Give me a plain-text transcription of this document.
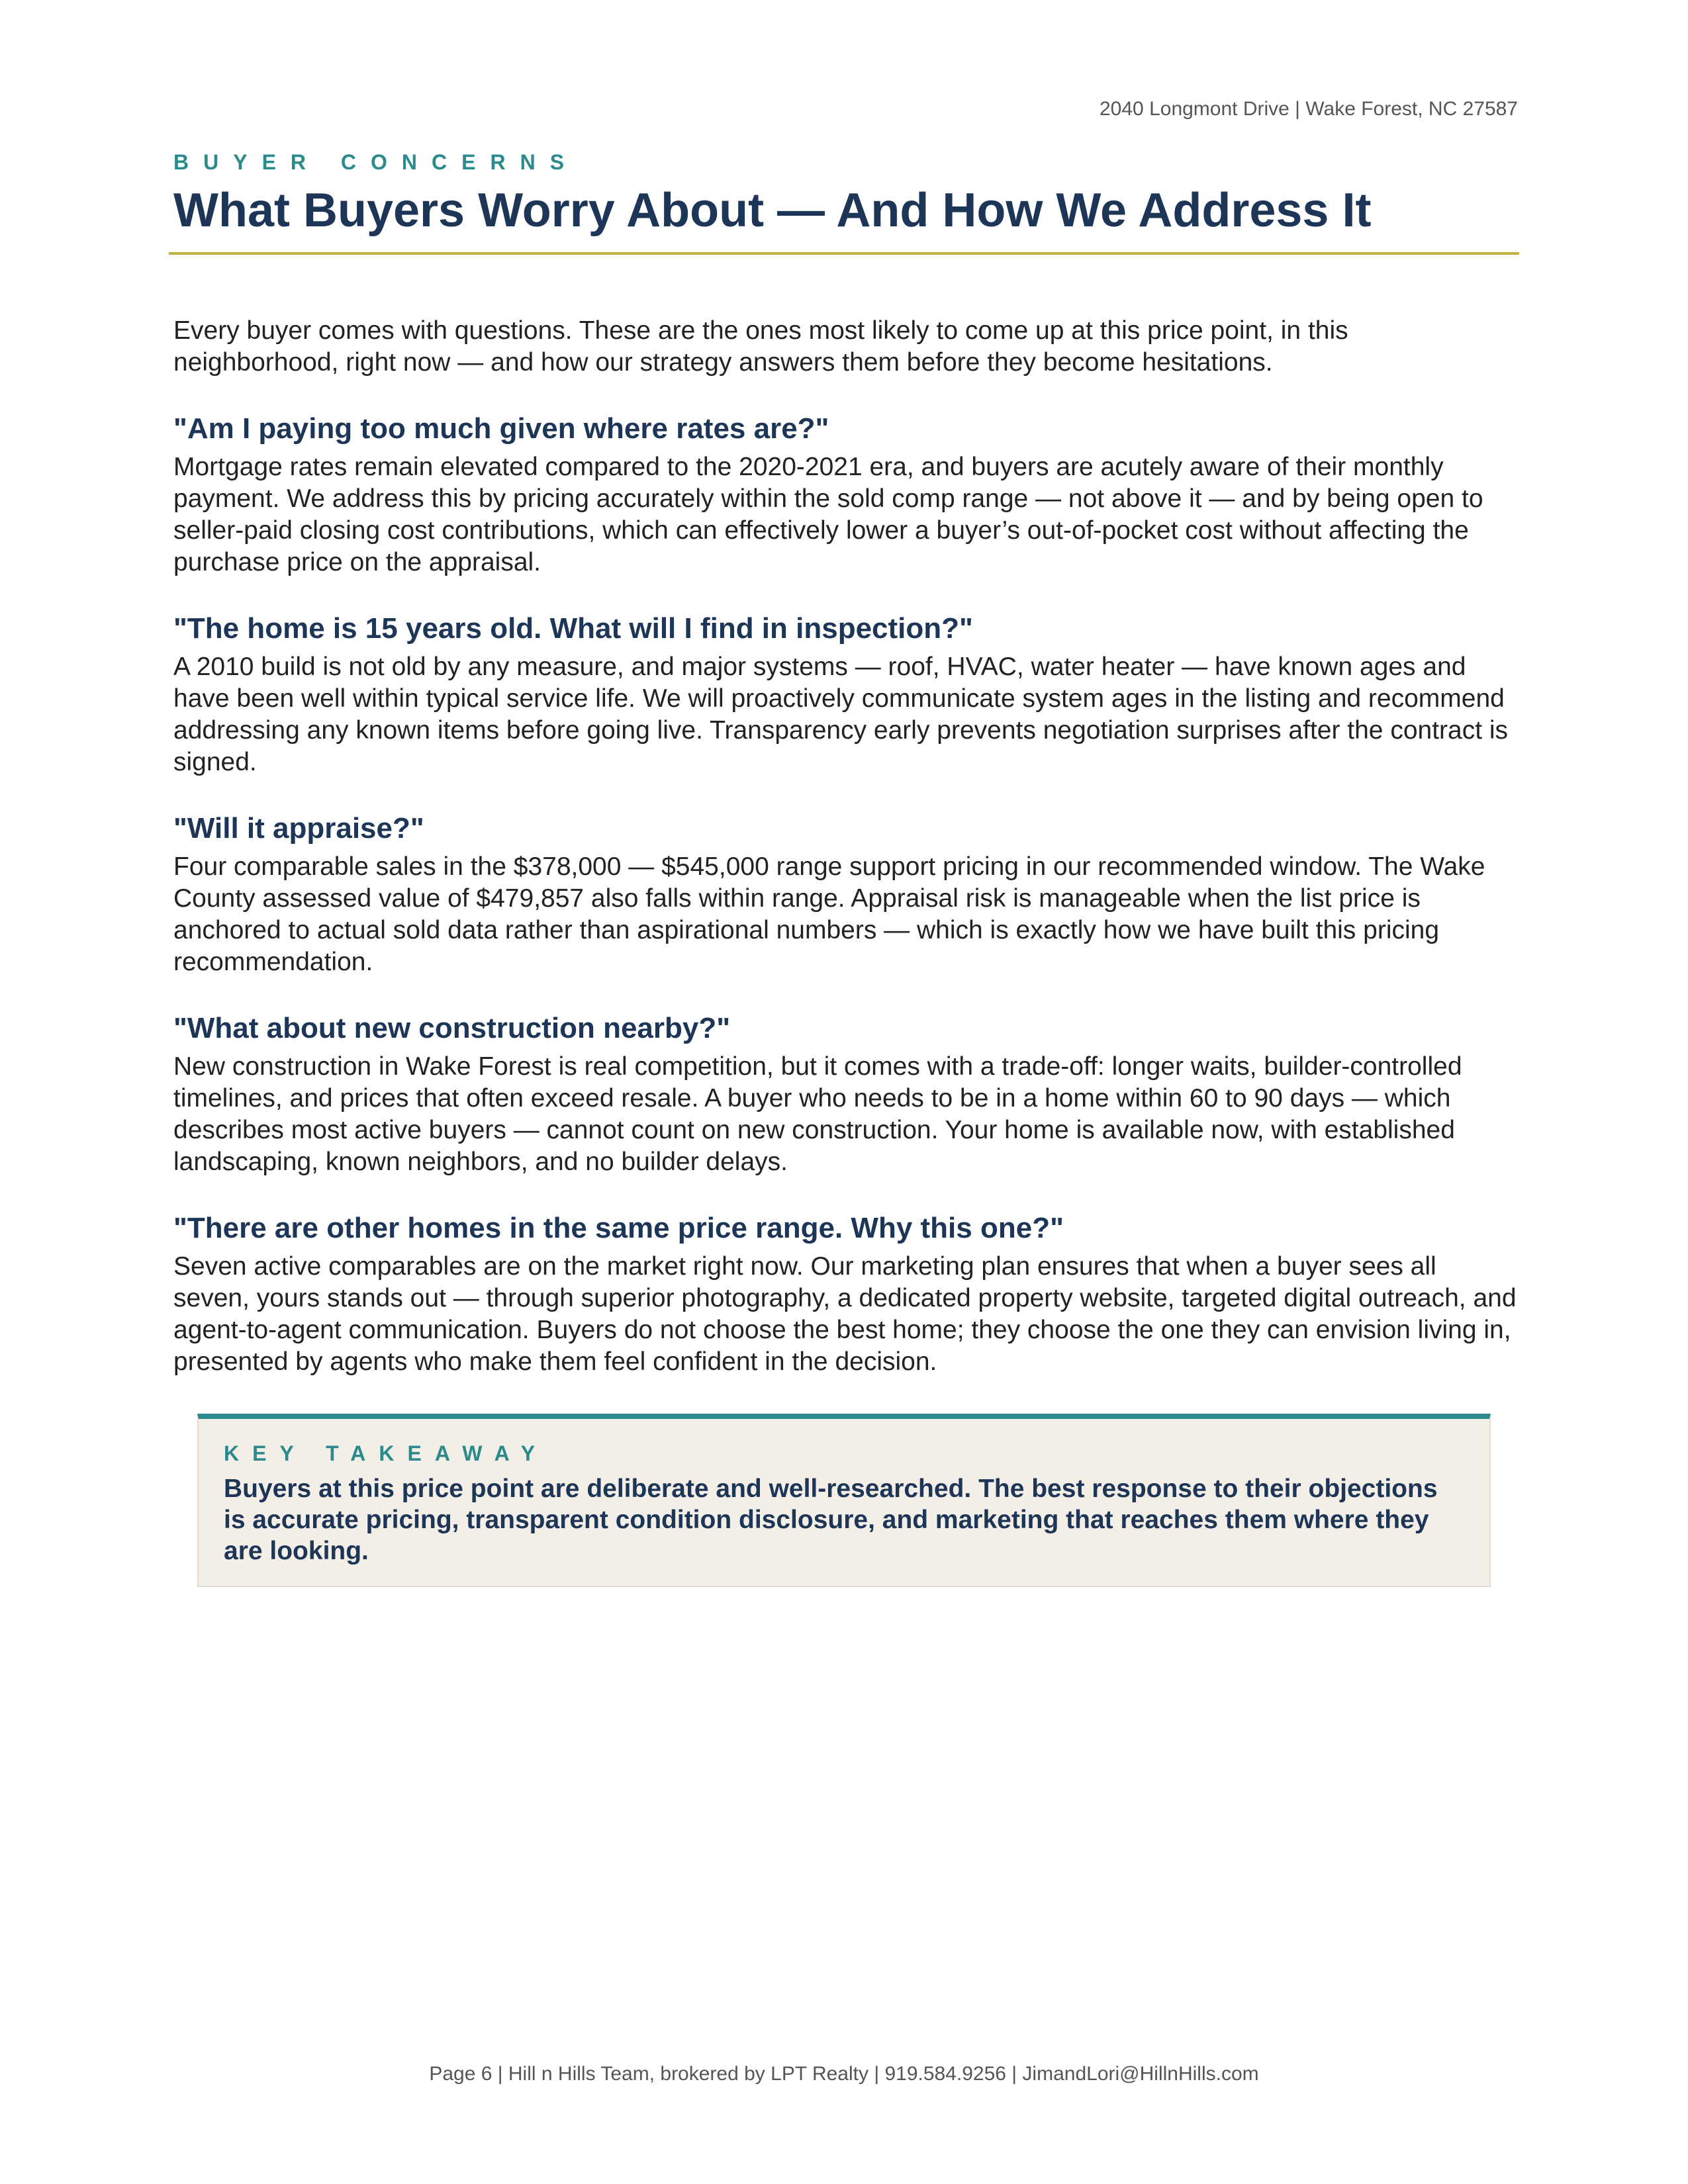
2040 Longmont Drive | Wake Forest, NC 27587
BUYER CONCERNS
What Buyers Worry About — And How We Address It

Every buyer comes with questions. These are the ones most likely to come up at this price point, in this neighborhood, right now — and how our strategy answers them before they become hesitations.

"Am I paying too much given where rates are?"

Mortgage rates remain elevated compared to the 2020-2021 era, and buyers are acutely aware of their monthly payment. We address this by pricing accurately within the sold comp range — not above it — and by being open to seller-paid closing cost contributions, which can effectively lower a buyer’s out-of-pocket cost without affecting the purchase price on the appraisal.

"The home is 15 years old. What will I find in inspection?"

A 2010 build is not old by any measure, and major systems — roof, HVAC, water heater — have known ages and have been well within typical service life. We will proactively communicate system ages in the listing and recommend addressing any known items before going live. Transparency early prevents negotiation surprises after the contract is signed.

"Will it appraise?"

Four comparable sales in the $378,000 — $545,000 range support pricing in our recommended window. The Wake County assessed value of $479,857 also falls within range. Appraisal risk is manageable when the list price is anchored to actual sold data rather than aspirational numbers — which is exactly how we have built this pricing recommendation.

"What about new construction nearby?"

New construction in Wake Forest is real competition, but it comes with a trade-off: longer waits, builder-controlled timelines, and prices that often exceed resale. A buyer who needs to be in a home within 60 to 90 days — which describes most active buyers — cannot count on new construction. Your home is available now, with established landscaping, known neighbors, and no builder delays.

"There are other homes in the same price range. Why this one?"

Seven active comparables are on the market right now. Our marketing plan ensures that when a buyer sees all seven, yours stands out — through superior photography, a dedicated property website, targeted digital outreach, and agent-to-agent communication. Buyers do not choose the best home; they choose the one they can envision living in, presented by agents who make them feel confident in the decision.

KEY TAKEAWAY

Buyers at this price point are deliberate and well-researched. The best response to their objections is accurate pricing, transparent condition disclosure, and marketing that reaches them where they are looking.

Page 6 | Hill n Hills Team, brokered by LPT Realty | 919.584.9256 | JimandLori@HillnHills.com
